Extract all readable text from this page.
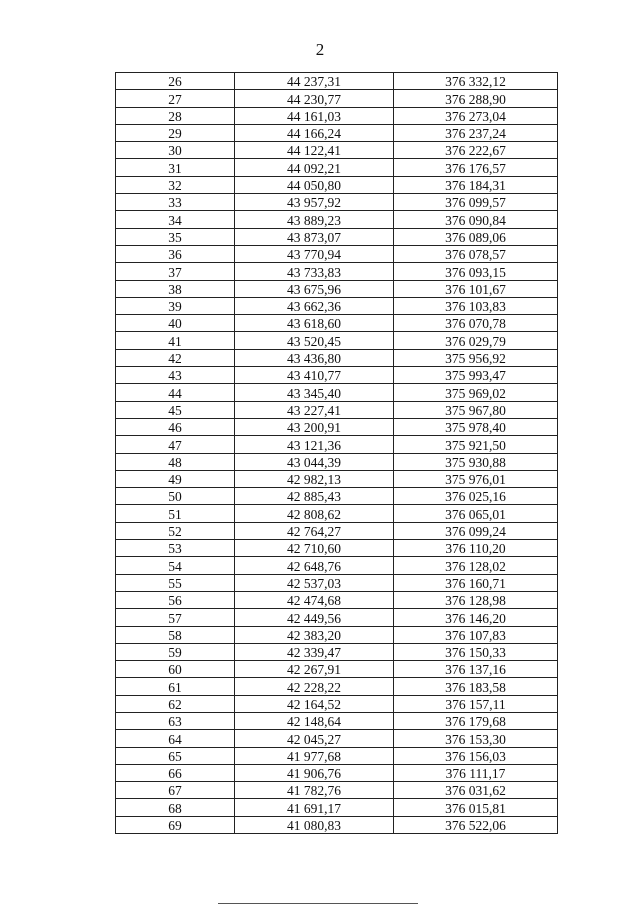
2
26	44 237,31	376 332,12
27	44 230,77	376 288,90
28	44 161,03	376 273,04
29	44 166,24	376 237,24
30	44 122,41	376 222,67
31	44 092,21	376 176,57
32	44 050,80	376 184,31
33	43 957,92	376 099,57
34	43 889,23	376 090,84
35	43 873,07	376 089,06
36	43 770,94	376 078,57
37	43 733,83	376 093,15
38	43 675,96	376 101,67
39	43 662,36	376 103,83
40	43 618,60	376 070,78
41	43 520,45	376 029,79
42	43 436,80	375 956,92
43	43 410,77	375 993,47
44	43 345,40	375 969,02
45	43 227,41	375 967,80
46	43 200,91	375 978,40
47	43 121,36	375 921,50
48	43 044,39	375 930,88
49	42 982,13	375 976,01
50	42 885,43	376 025,16
51	42 808,62	376 065,01
52	42 764,27	376 099,24
53	42 710,60	376 110,20
54	42 648,76	376 128,02
55	42 537,03	376 160,71
56	42 474,68	376 128,98
57	42 449,56	376 146,20
58	42 383,20	376 107,83
59	42 339,47	376 150,33
60	42 267,91	376 137,16
61	42 228,22	376 183,58
62	42 164,52	376 157,11
63	42 148,64	376 179,68
64	42 045,27	376 153,30
65	41 977,68	376 156,03
66	41 906,76	376 111,17
67	41 782,76	376 031,62
68	41 691,17	376 015,81
69	41 080,83	376 522,06
